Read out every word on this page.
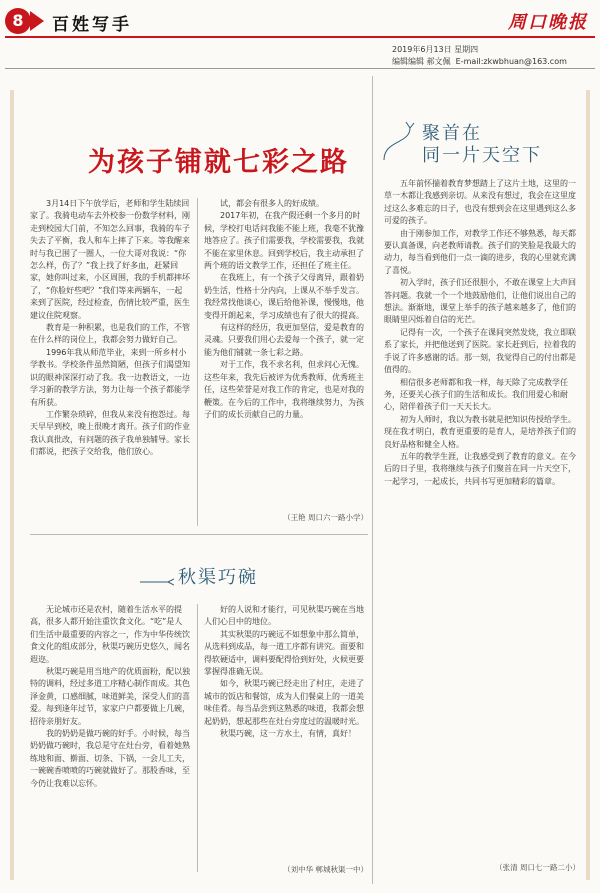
8	百姓写手	周口晚报
2019年6月13日 星期四
编辑编辑 郝文佩 E-mail:zkwbhuan@163.com
为孩子铺就七彩之路

3月14日下午放学后，老师和学生陆续回家了。我骑电动车去外校参一份数学材料，刚走到校园大门前，不知怎么回事，我骑的车子失去了平衡，我人和车上摔了下来。等我醒来时与我已围了一圈人，一位大哥对我说：“你怎么样，伤了？”我上找了好多血，赶紧回家，她你叫过来，小区周围，我的手机都摔坏了，“你脸好些吧？”我们等来两辆车，一起来到了医院，经过检查，伤情比较严重，医生建议住院观察。

教育是一种积累，也是我们的工作，不管在什么样的岗位上，我都会努力做好自己。

1996年我从师范毕业，来到一所乡村小学教书。学校条件虽然简陋，但孩子们渴望知识的眼神深深打动了我。我一边教语文，一边学习新的教学方法，努力让每一个孩子都能学有所获。

工作繁杂琐碎，但我从来没有抱怨过。每天早早到校，晚上很晚才离开。孩子们的作业我认真批改，有问题的孩子我单独辅导。家长们都说，把孩子交给我，他们放心。

试，都会有很多人的好成绩。

2017年初，在我产假还剩一个多月的时候，学校打电话问我能不能上班，我毫不犹豫地答应了。孩子们需要我，学校需要我，我就不能在家里休息。回到学校后，我主动承担了两个班的语文教学工作，还担任了班主任。

在我班上，有一个孩子父母离异，跟着奶奶生活，性格十分内向，上课从不举手发言。我经常找他谈心，课后给他补课，慢慢地，他变得开朗起来，学习成绩也有了很大的提高。

有这样的经历，我更加坚信，爱是教育的灵魂。只要我们用心去爱每一个孩子，就一定能为他们铺就一条七彩之路。

对于工作，我不求名利，但求问心无愧。这些年来，我先后被评为优秀教师、优秀班主任，这些荣誉是对我工作的肯定，也是对我的鞭策。在今后的工作中，我将继续努力，为孩子们的成长贡献自己的力量。

（王艳 周口六一路小学）
秋渠巧碗

无论城市还是农村，随着生活水平的提高，很多人都开始注重饮食文化。“吃”是人们生活中最重要的内容之一，作为中华传统饮食文化的组成部分，秋渠巧碗历史悠久，闻名遐迩。

秋渠巧碗是用当地产的优质面粉，配以独特的调料，经过多道工序精心制作而成。其色泽金黄，口感细腻，味道鲜美，深受人们的喜爱。每到逢年过节，家家户户都要做上几碗，招待亲朋好友。

我的奶奶是做巧碗的好手。小时候，每当奶奶做巧碗时，我总是守在灶台旁，看着她熟练地和面、擀面、切条、下锅，一会儿工夫，一碗碗香喷喷的巧碗就做好了。那股香味，至今仍让我难以忘怀。

好的人说和才能行，可见秋渠巧碗在当地人们心目中的地位。

其实秋渠的巧碗远不如想象中那么简单，从选料到成品，每一道工序都有讲究。面要和得软硬适中，调料要配得恰到好处，火候更要掌握得准确无误。

如今，秋渠巧碗已经走出了村庄，走进了城市的饭店和餐馆，成为人们餐桌上的一道美味佳肴。每当品尝到这熟悉的味道，我都会想起奶奶，想起那些在灶台旁度过的温暖时光。

秋渠巧碗，这一方水土，有情，真好！

（刘中华 郸城秋渠一中）
聚首在
同一片天空下

五年前怀揣着教育梦想踏上了这片土地，这里的一草一木都让我感到亲切。从来没有想过，我会在这里度过这么多难忘的日子，也没有想到会在这里遇到这么多可爱的孩子。

由于刚参加工作，对教学工作还不够熟悉，每天都要认真备课，向老教师请教。孩子们的笑脸是我最大的动力，每当看到他们一点一滴的进步，我的心里就充满了喜悦。

初入学时，孩子们还很胆小，不敢在课堂上大声回答问题。我就一个一个地鼓励他们，让他们说出自己的想法。渐渐地，课堂上举手的孩子越来越多了，他们的眼睛里闪烁着自信的光芒。

记得有一次，一个孩子在课间突然发烧，我立即联系了家长，并把他送到了医院。家长赶到后，拉着我的手说了许多感谢的话。那一刻，我觉得自己的付出都是值得的。

相信很多老师都和我一样，每天除了完成教学任务，还要关心孩子们的生活和成长。我们用爱心和耐心，陪伴着孩子们一天天长大。

初为人师时，我以为教书就是把知识传授给学生。现在我才明白，教育更重要的是育人，是培养孩子们的良好品格和健全人格。

五年的教学生涯，让我感受到了教育的意义。在今后的日子里，我将继续与孩子们聚首在同一片天空下，一起学习，一起成长，共同书写更加精彩的篇章。

（张清 周口七一路二小）
